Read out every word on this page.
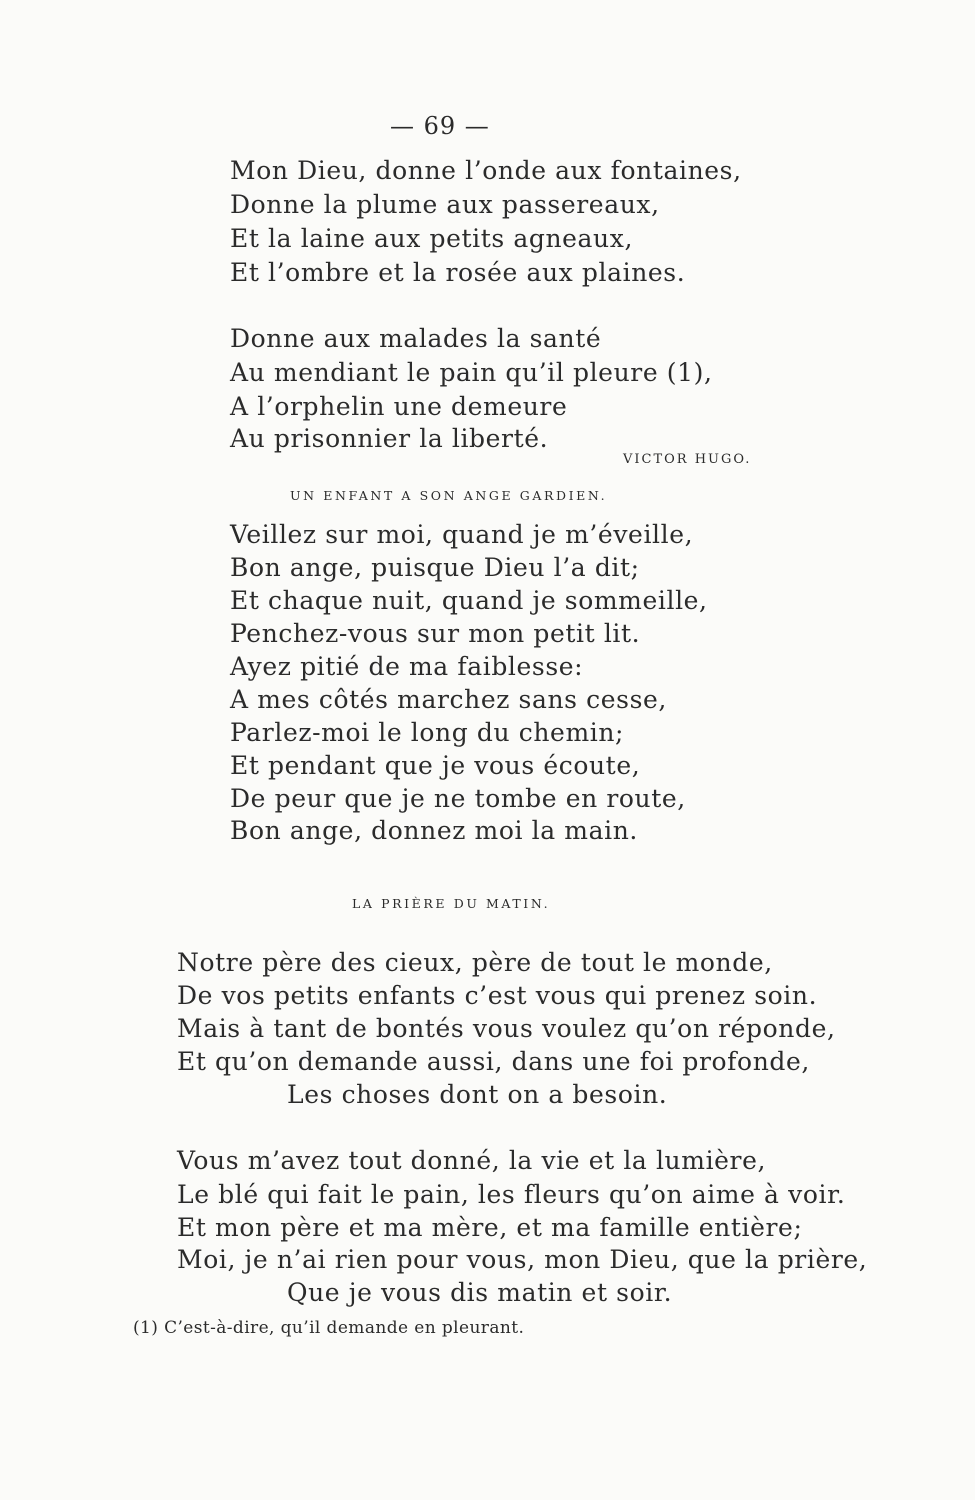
— 69 —
Mon Dieu, donne l’onde aux fontaines,
Donne la plume aux passereaux,
Et la laine aux petits agneaux,
Et l’ombre et la rosée aux plaines.
Donne aux malades la santé
Au mendiant le pain qu’il pleure (1),
A l’orphelin une demeure
Au prisonnier la liberté.
VICTOR HUGO.
UN ENFANT A SON ANGE GARDIEN.
Veillez sur moi, quand je m’éveille,
Bon ange, puisque Dieu l’a dit;
Et chaque nuit, quand je sommeille,
Penchez-vous sur mon petit lit.
Ayez pitié de ma faiblesse:
A mes côtés marchez sans cesse,
Parlez-moi le long du chemin;
Et pendant que je vous écoute,
De peur que je ne tombe en route,
Bon ange, donnez moi la main.
LA PRIÈRE DU MATIN.
Notre père des cieux, père de tout le monde,
De vos petits enfants c’est vous qui prenez soin.
Mais à tant de bontés vous voulez qu’on réponde,
Et qu’on demande aussi, dans une foi profonde,
Les choses dont on a besoin.
Vous m’avez tout donné, la vie et la lumière,
Le blé qui fait le pain, les fleurs qu’on aime à voir.
Et mon père et ma mère, et ma famille entière;
Moi, je n’ai rien pour vous, mon Dieu, que la prière,
Que je vous dis matin et soir.
(1) C’est-à-dire, qu’il demande en pleurant.
